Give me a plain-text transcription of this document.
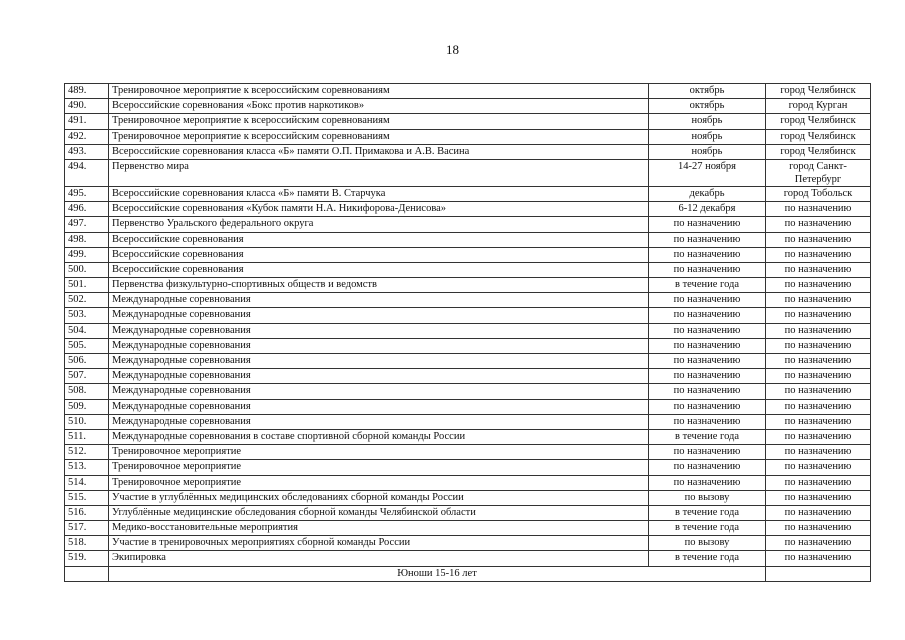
18
489.	Тренировочное мероприятие к всероссийским соревнованиям	октябрь	город Челябинск
490.	Всероссийские соревнования «Бокс против наркотиков»	октябрь	город Курган
491.	Тренировочное мероприятие к всероссийским соревнованиям	ноябрь	город Челябинск
492.	Тренировочное мероприятие к всероссийским соревнованиям	ноябрь	город Челябинск
493.	Всероссийские соревнования класса «Б» памяти О.П. Примакова и А.В. Васина	ноябрь	город Челябинск
494.	Первенство мира	14-27 ноября	город Санкт-Петербург
495.	Всероссийские соревнования класса «Б» памяти В. Старчука	декабрь	город Тобольск
496.	Всероссийские соревнования «Кубок памяти Н.А. Никифорова-Денисова»	6-12 декабря	по назначению
497.	Первенство Уральского федерального округа	по назначению	по назначению
498.	Всероссийские соревнования	по назначению	по назначению
499.	Всероссийские соревнования	по назначению	по назначению
500.	Всероссийские соревнования	по назначению	по назначению
501.	Первенства физкультурно-спортивных обществ и ведомств	в течение года	по назначению
502.	Международные соревнования	по назначению	по назначению
503.	Международные соревнования	по назначению	по назначению
504.	Международные соревнования	по назначению	по назначению
505.	Международные соревнования	по назначению	по назначению
506.	Международные соревнования	по назначению	по назначению
507.	Международные соревнования	по назначению	по назначению
508.	Международные соревнования	по назначению	по назначению
509.	Международные соревнования	по назначению	по назначению
510.	Международные соревнования	по назначению	по назначению
511.	Международные соревнования в составе спортивной сборной команды России	в течение года	по назначению
512.	Тренировочное мероприятие	по назначению	по назначению
513.	Тренировочное мероприятие	по назначению	по назначению
514.	Тренировочное мероприятие	по назначению	по назначению
515.	Участие в углублённых медицинских обследованиях сборной команды России	по вызову	по назначению
516.	Углублённые медицинские обследования сборной команды Челябинской области	в течение года	по назначению
517.	Медико-восстановительные мероприятия	в течение года	по назначению
518.	Участие в тренировочных мероприятиях сборной команды России	по вызову	по назначению
519.	Экипировка	в течение года	по назначению
	Юноши 15-16 лет		
